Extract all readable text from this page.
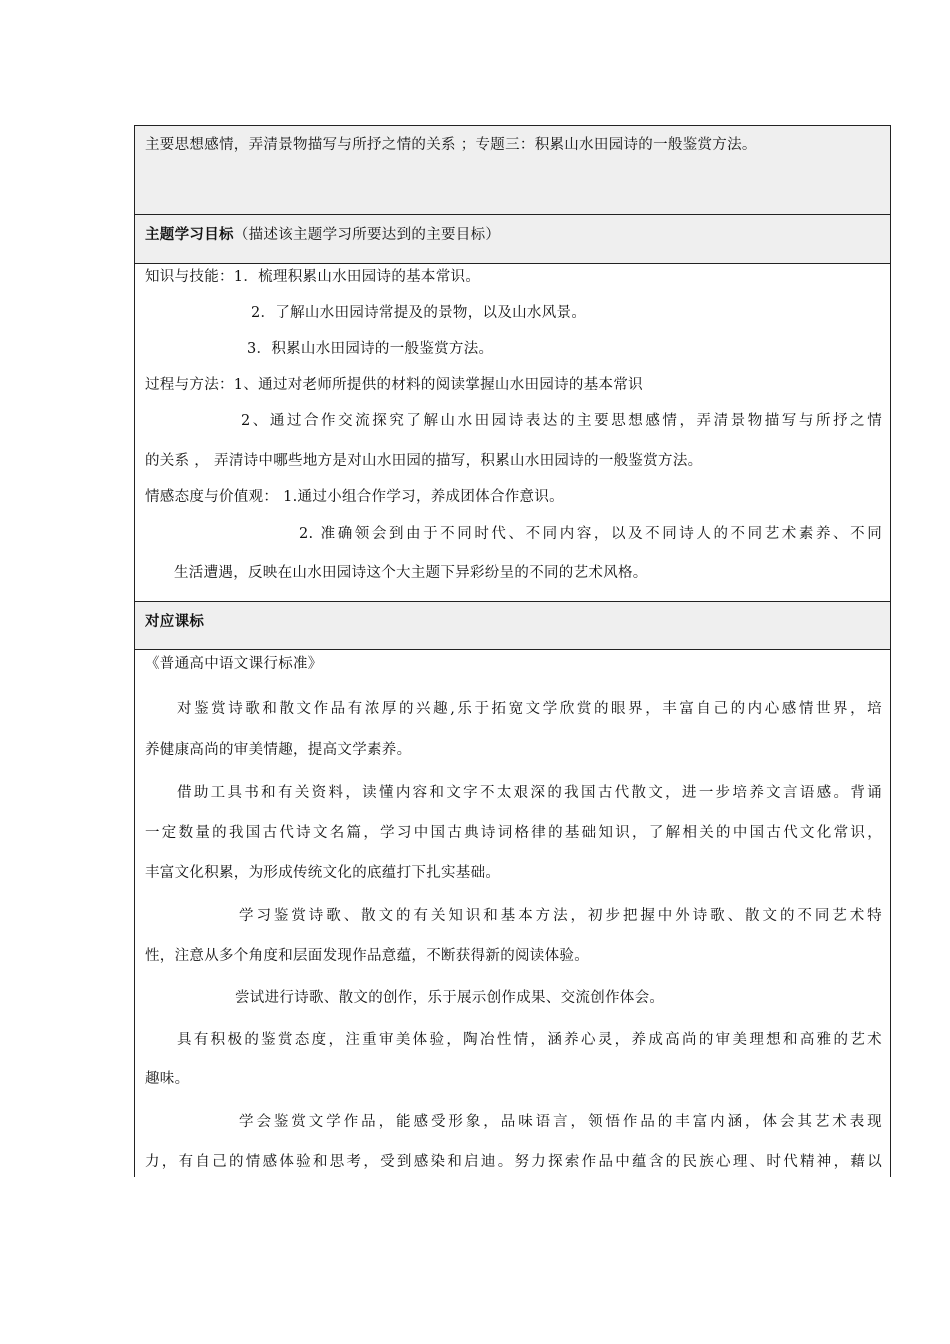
主要思想感情，弄清景物描写与所抒之情的关系 ；专题三：积累山水田园诗的一般鉴赏方法。
主题学习目标（描述该主题学习所要达到的主要目标）
知识与技能：1．梳理积累山水田园诗的基本常识。
2．了解山水田园诗常提及的景物，以及山水风景。
3．积累山水田园诗的一般鉴赏方法。
过程与方法：1、通过对老师所提供的材料的阅读掌握山水田园诗的基本常识
2、通过合作交流探究了解山水田园诗表达的主要思想感情，弄清景物描写与所抒之情
的关系 ， 弄清诗中哪些地方是对山水田园的描写，积累山水田园诗的一般鉴赏方法。
情感态度与价值观： 1.通过小组合作学习，养成团体合作意识。
2. 准确领会到由于不同时代、不同内容，以及不同诗人的不同艺术素养、不同
生活遭遇，反映在山水田园诗这个大主题下异彩纷呈的不同的艺术风格。
对应课标
《普通高中语文课行标准》
对鉴赏诗歌和散文作品有浓厚的兴趣,乐于拓宽文学欣赏的眼界，丰富自己的内心感情世界，培
养健康高尚的审美情趣，提高文学素养。
借助工具书和有关资料，读懂内容和文字不太艰深的我国古代散文，进一步培养文言语感。背诵
一定数量的我国古代诗文名篇，学习中国古典诗词格律的基础知识，了解相关的中国古代文化常识，
丰富文化积累，为形成传统文化的底蕴打下扎实基础。
学习鉴赏诗歌、散文的有关知识和基本方法，初步把握中外诗歌、散文的不同艺术特
性，注意从多个角度和层面发现作品意蕴，不断获得新的阅读体验。
尝试进行诗歌、散文的创作，乐于展示创作成果、交流创作体会。
具有积极的鉴赏态度，注重审美体验，陶冶性情，涵养心灵，养成高尚的审美理想和高雅的艺术
趣味。
学会鉴赏文学作品，能感受形象，品味语言，领悟作品的丰富内涵，体会其艺术表现
力，有自己的情感体验和思考，受到感染和启迪。努力探索作品中蕴含的民族心理、时代精神，藉以
